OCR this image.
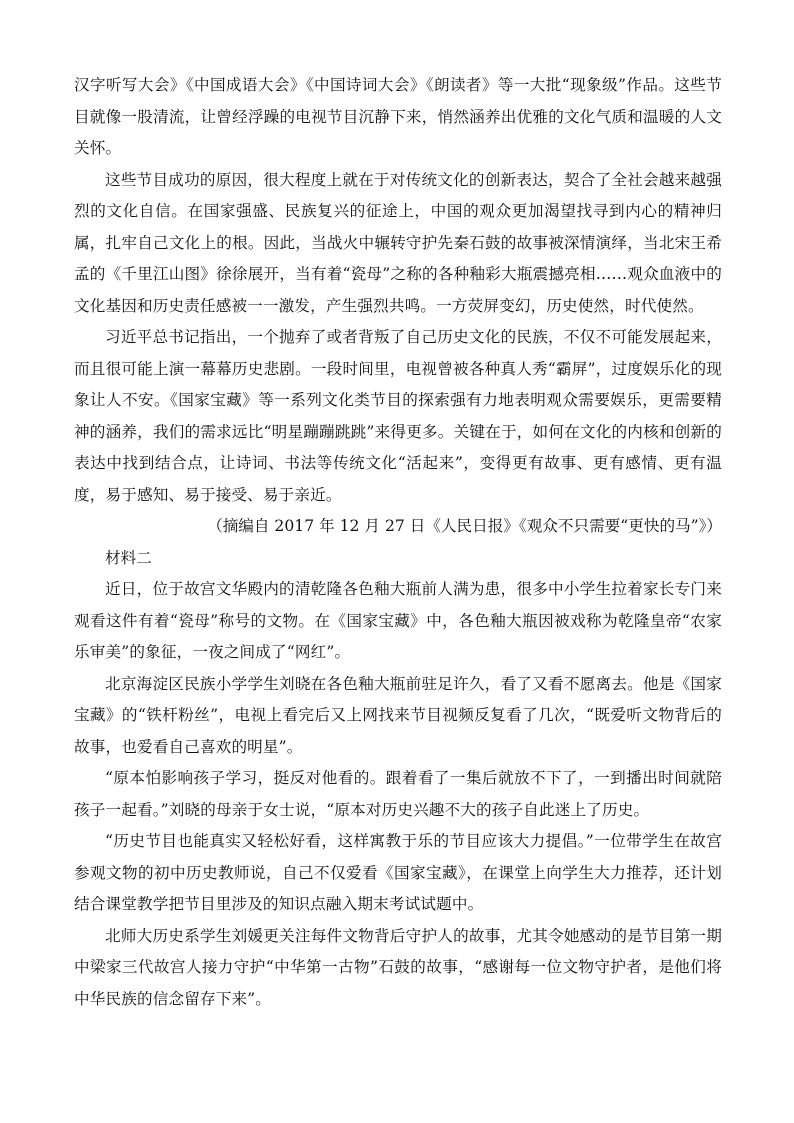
汉字听写大会》《中国成语大会》《中国诗词大会》《朗读者》等一大批“现象级”作品。这些节目就像一股清流，让曾经浮躁的电视节目沉静下来，悄然涵养出优雅的文化气质和温暖的人文关怀。

这些节目成功的原因，很大程度上就在于对传统文化的创新表达，契合了全社会越来越强烈的文化自信。在国家强盛、民族复兴的征途上，中国的观众更加渴望找寻到内心的精神归属，扎牢自己文化上的根。因此，当战火中辗转守护先秦石鼓的故事被深情演绎，当北宋王希孟的《千里江山图》徐徐展开，当有着“瓷母”之称的各种釉彩大瓶震撼亮相……观众血液中的文化基因和历史责任感被一一激发，产生强烈共鸣。一方荧屏变幻，历史使然，时代使然。

习近平总书记指出，一个抛弃了或者背叛了自己历史文化的民族，不仅不可能发展起来，而且很可能上演一幕幕历史悲剧。一段时间里，电视曾被各种真人秀“霸屏”，过度娱乐化的现象让人不安。《国家宝藏》等一系列文化类节目的探索强有力地表明观众需要娱乐，更需要精神的涵养，我们的需求远比“明星蹦蹦跳跳”来得更多。关键在于，如何在文化的内核和创新的表达中找到结合点，让诗词、书法等传统文化“活起来”，变得更有故事、更有感情、更有温度，易于感知、易于接受、易于亲近。

（摘编自 2017 年 12 月 27 日《人民日报》《观众不只需要“更快的马”》）

材料二

近日，位于故宫文华殿内的清乾隆各色釉大瓶前人满为患，很多中小学生拉着家长专门来观看这件有着“瓷母”称号的文物。在《国家宝藏》中，各色釉大瓶因被戏称为乾隆皇帝“农家乐审美”的象征，一夜之间成了“网红”。

北京海淀区民族小学学生刘晓在各色釉大瓶前驻足许久，看了又看不愿离去。他是《国家宝藏》的“铁杆粉丝”，电视上看完后又上网找来节目视频反复看了几次，“既爱听文物背后的故事，也爱看自己喜欢的明星”。

“原本怕影响孩子学习，挺反对他看的。跟着看了一集后就放不下了，一到播出时间就陪孩子一起看。”刘晓的母亲于女士说，“原本对历史兴趣不大的孩子自此迷上了历史。

“历史节目也能真实又轻松好看，这样寓教于乐的节目应该大力提倡。”一位带学生在故宫参观文物的初中历史教师说，自己不仅爱看《国家宝藏》，在课堂上向学生大力推荐，还计划结合课堂教学把节目里涉及的知识点融入期末考试试题中。

北师大历史系学生刘媛更关注每件文物背后守护人的故事，尤其令她感动的是节目第一期中梁家三代故宫人接力守护“中华第一古物”石鼓的故事，“感谢每一位文物守护者，是他们将中华民族的信念留存下来”。
